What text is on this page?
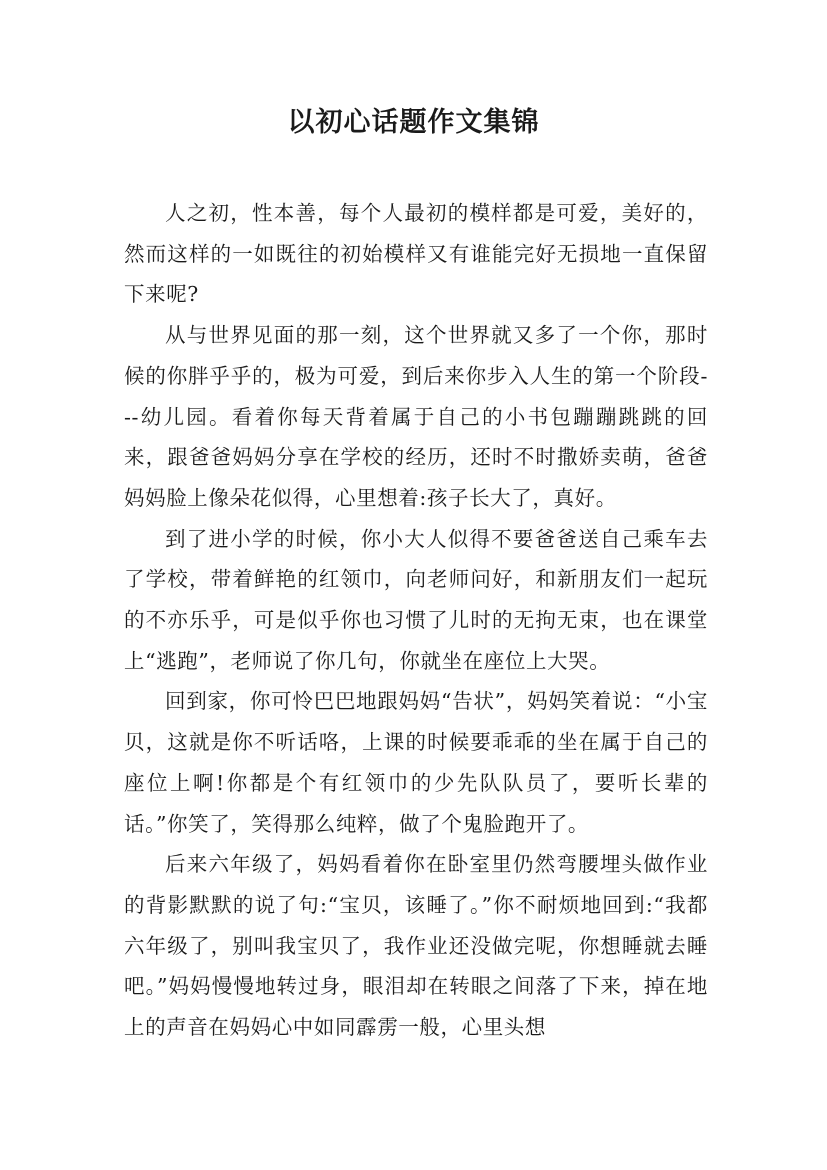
以初心话题作文集锦

人之初，性本善，每个人最初的模样都是可爱，美好的，然而这样的一如既往的初始模样又有谁能完好无损地一直保留下来呢?

从与世界见面的那一刻，这个世界就又多了一个你，那时候的你胖乎乎的，极为可爱，到后来你步入人生的第一个阶段---幼儿园。看着你每天背着属于自己的小书包蹦蹦跳跳的回来，跟爸爸妈妈分享在学校的经历，还时不时撒娇卖萌，爸爸妈妈脸上像朵花似得，心里想着:孩子长大了，真好。

到了进小学的时候，你小大人似得不要爸爸送自己乘车去了学校，带着鲜艳的红领巾，向老师问好，和新朋友们一起玩的不亦乐乎，可是似乎你也习惯了儿时的无拘无束，也在课堂上“逃跑”，老师说了你几句，你就坐在座位上大哭。

回到家，你可怜巴巴地跟妈妈“告状”，妈妈笑着说：“小宝贝，这就是你不听话咯，上课的时候要乖乖的坐在属于自己的座位上啊!你都是个有红领巾的少先队队员了，要听长辈的话。”你笑了，笑得那么纯粹，做了个鬼脸跑开了。

后来六年级了，妈妈看着你在卧室里仍然弯腰埋头做作业的背影默默的说了句:“宝贝，该睡了。”你不耐烦地回到:“我都六年级了，别叫我宝贝了，我作业还没做完呢，你想睡就去睡吧。”妈妈慢慢地转过身，眼泪却在转眼之间落了下来，掉在地上的声音在妈妈心中如同霹雳一般，心里头想
